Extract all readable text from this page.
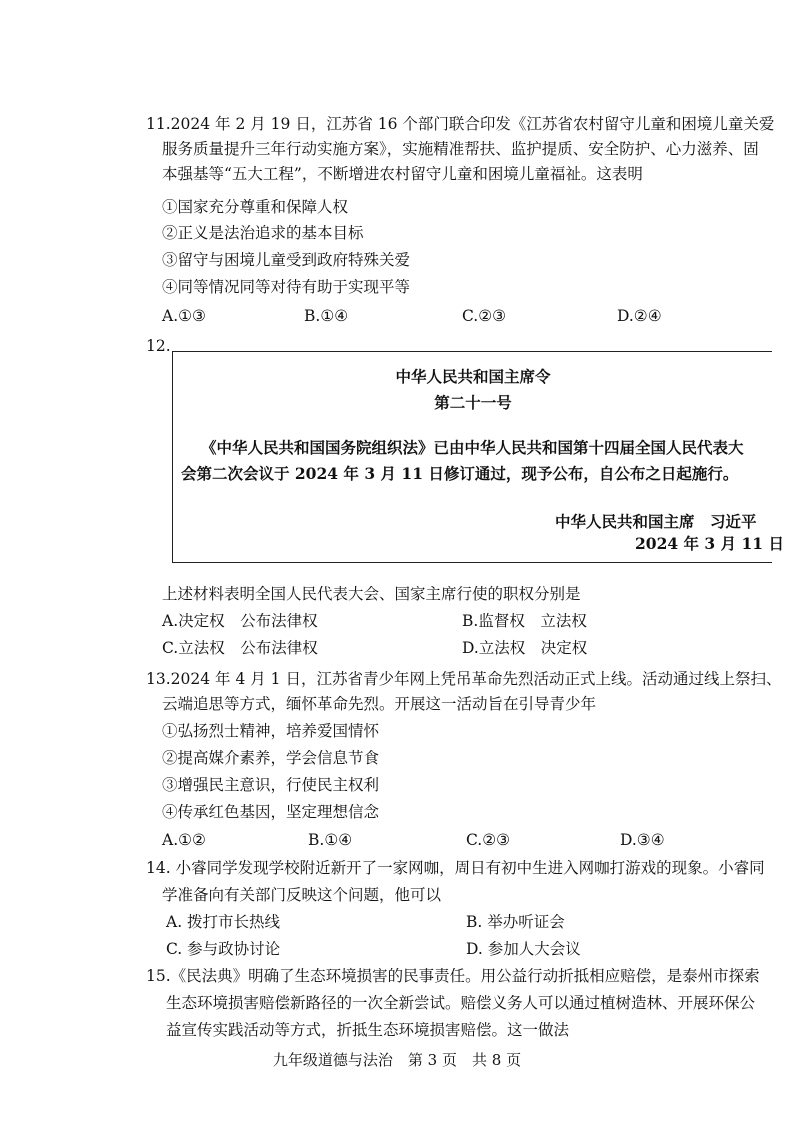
11.2024 年 2 月 19 日，江苏省 16 个部门联合印发《江苏省农村留守儿童和困境儿童关爱
服务质量提升三年行动实施方案》，实施精准帮扶、监护提质、安全防护、心力滋养、固
本强基等“五大工程”，不断增进农村留守儿童和困境儿童福祉。这表明
①国家充分尊重和保障人权
②正义是法治追求的基本目标
③留守与困境儿童受到政府特殊关爱
④同等情况同等对待有助于实现平等
A.①③	B.①④	C.②③	D.②④
12.
中华人民共和国主席令
第二十一号
《中华人民共和国国务院组织法》已由中华人民共和国第十四届全国人民代表大
会第二次会议于 2024 年 3 月 11 日修订通过，现予公布，自公布之日起施行。
中华人民共和国主席　习近平
2024 年 3 月 11 日
上述材料表明全国人民代表大会、国家主席行使的职权分别是
A.决定权　公布法律权	B.监督权　立法权
C.立法权　公布法律权	D.立法权　决定权
13.2024 年 4 月 1 日，江苏省青少年网上凭吊革命先烈活动正式上线。活动通过线上祭扫、
云端追思等方式，缅怀革命先烈。开展这一活动旨在引导青少年
①弘扬烈士精神，培养爱国情怀
②提高媒介素养，学会信息节食
③增强民主意识，行使民主权利
④传承红色基因，坚定理想信念
A.①②	B.①④	C.②③	D.③④
14. 小睿同学发现学校附近新开了一家网咖，周日有初中生进入网咖打游戏的现象。小睿同
学准备向有关部门反映这个问题，他可以
A. 拨打市长热线	B. 举办听证会
C. 参与政协讨论	D. 参加人大会议
15.《民法典》明确了生态环境损害的民事责任。用公益行动折抵相应赔偿，是泰州市探索
生态环境损害赔偿新路径的一次全新尝试。赔偿义务人可以通过植树造林、开展环保公
益宣传实践活动等方式，折抵生态环境损害赔偿。这一做法
九年级道德与法治　第 3 页　共 8 页
